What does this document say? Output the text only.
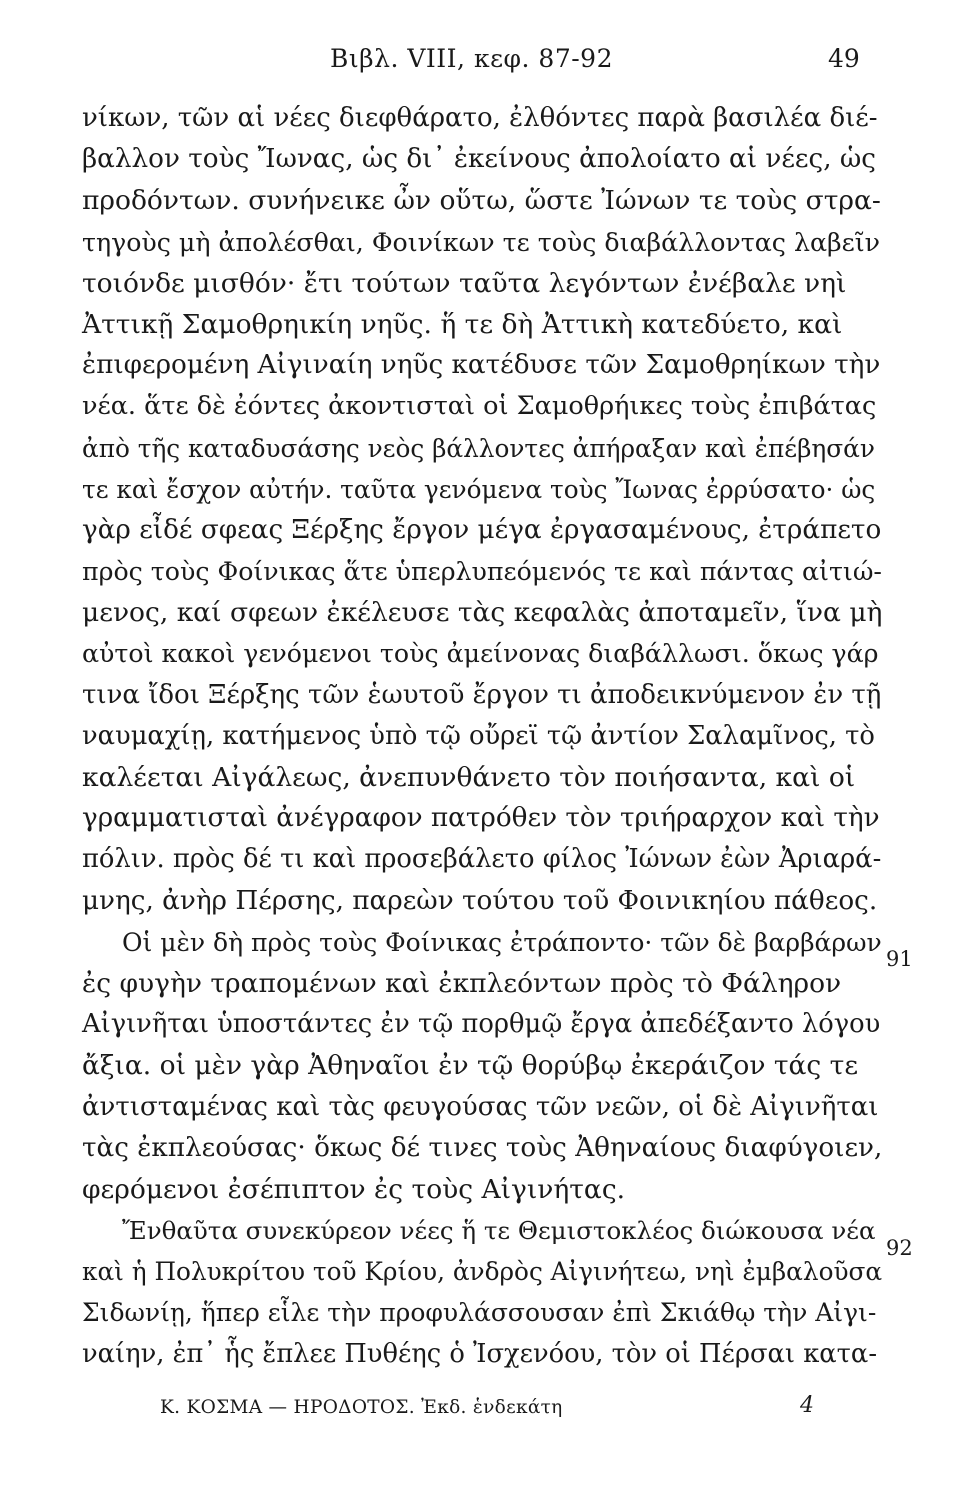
Βιβλ. VIII, κεφ. 87-92	49
νίκων, τῶν αἱ νέες διεφθάρατο, ἐλθόντες παρὰ βασιλέα διέ-
βαλλον τοὺς Ἴωνας, ὡς δι᾽ ἐκείνους ἀπολοίατο αἱ νέες, ὡς
προδόντων. συνήνεικε ὦν οὕτω, ὥστε Ἰώνων τε τοὺς στρα-
τηγοὺς μὴ ἀπολέσθαι, Φοινίκων τε τοὺς διαβάλλοντας λαβεῖν
τοιόνδε μισθόν· ἔτι τούτων ταῦτα λεγόντων ἐνέβαλε νηὶ
Ἀττικῇ Σαμοθρηικίη νηῦς. ἥ τε δὴ Ἀττικὴ κατεδύετο, καὶ
ἐπιφερομένη Αἰγιναίη νηῦς κατέδυσε τῶν Σαμοθρηίκων τὴν
νέα. ἅτε δὲ ἐόντες ἀκοντισταὶ οἱ Σαμοθρήικες τοὺς ἐπιβάτας
ἀπὸ τῆς καταδυσάσης νεὸς βάλλοντες ἀπήραξαν καὶ ἐπέβησάν
τε καὶ ἔσχον αὐτήν. ταῦτα γενόμενα τοὺς Ἴωνας ἐρρύσατο· ὡς
γὰρ εἶδέ σφεας Ξέρξης ἔργον μέγα ἐργασαμένους, ἐτράπετο
πρὸς τοὺς Φοίνικας ἅτε ὑπερλυπεόμενός τε καὶ πάντας αἰτιώ-
μενος, καί σφεων ἐκέλευσε τὰς κεφαλὰς ἀποταμεῖν, ἵνα μὴ
αὐτοὶ κακοὶ γενόμενοι τοὺς ἀμείνονας διαβάλλωσι. ὅκως γάρ
τινα ἴδοι Ξέρξης τῶν ἑωυτοῦ ἔργον τι ἀποδεικνύμενον ἐν τῇ
ναυμαχίῃ, κατήμενος ὑπὸ τῷ οὔρεϊ τῷ ἀντίον Σαλαμῖνος, τὸ
καλέεται Αἰγάλεως, ἀνεπυνθάνετο τὸν ποιήσαντα, καὶ οἱ
γραμματισταὶ ἀνέγραφον πατρόθεν τὸν τριήραρχον καὶ τὴν
πόλιν. πρὸς δέ τι καὶ προσεβάλετο φίλος Ἰώνων ἐὼν Ἀριαρά-
μνης, ἀνὴρ Πέρσης, παρεὼν τούτου τοῦ Φοινικηίου πάθεος.
Οἱ μὲν δὴ πρὸς τοὺς Φοίνικας ἐτράποντο· τῶν δὲ βαρβάρων
ἐς φυγὴν τραπομένων καὶ ἐκπλεόντων πρὸς τὸ Φάληρον
Αἰγινῆται ὑποστάντες ἐν τῷ πορθμῷ ἔργα ἀπεδέξαντο λόγου
ἄξια. οἱ μὲν γὰρ Ἀθηναῖοι ἐν τῷ θορύβῳ ἐκεράιζον τάς τε
ἀντισταμένας καὶ τὰς φευγούσας τῶν νεῶν, οἱ δὲ Αἰγινῆται
τὰς ἐκπλεούσας· ὅκως δέ τινες τοὺς Ἀθηναίους διαφύγοιεν,
φερόμενοι ἐσέπιπτον ἐς τοὺς Αἰγινήτας.
Ἔνθαῦτα συνεκύρεον νέες ἥ τε Θεμιστοκλέος διώκουσα νέα
καὶ ἡ Πολυκρίτου τοῦ Κρίου, ἀνδρὸς Αἰγινήτεω, νηὶ ἐμβαλοῦσα
Σιδωνίῃ, ἥπερ εἷλε τὴν προφυλάσσουσαν ἐπὶ Σκιάθῳ τὴν Αἰγι-
ναίην, ἐπ᾽ ἧς ἔπλεε Πυθέης ὁ Ἰσχενόου, τὸν οἱ Πέρσαι κατα-
91
92
Κ. ΚΟΣΜΑ — ΗΡΟΔΟΤΟΣ. Ἐκδ. ἑνδεκάτη	4
